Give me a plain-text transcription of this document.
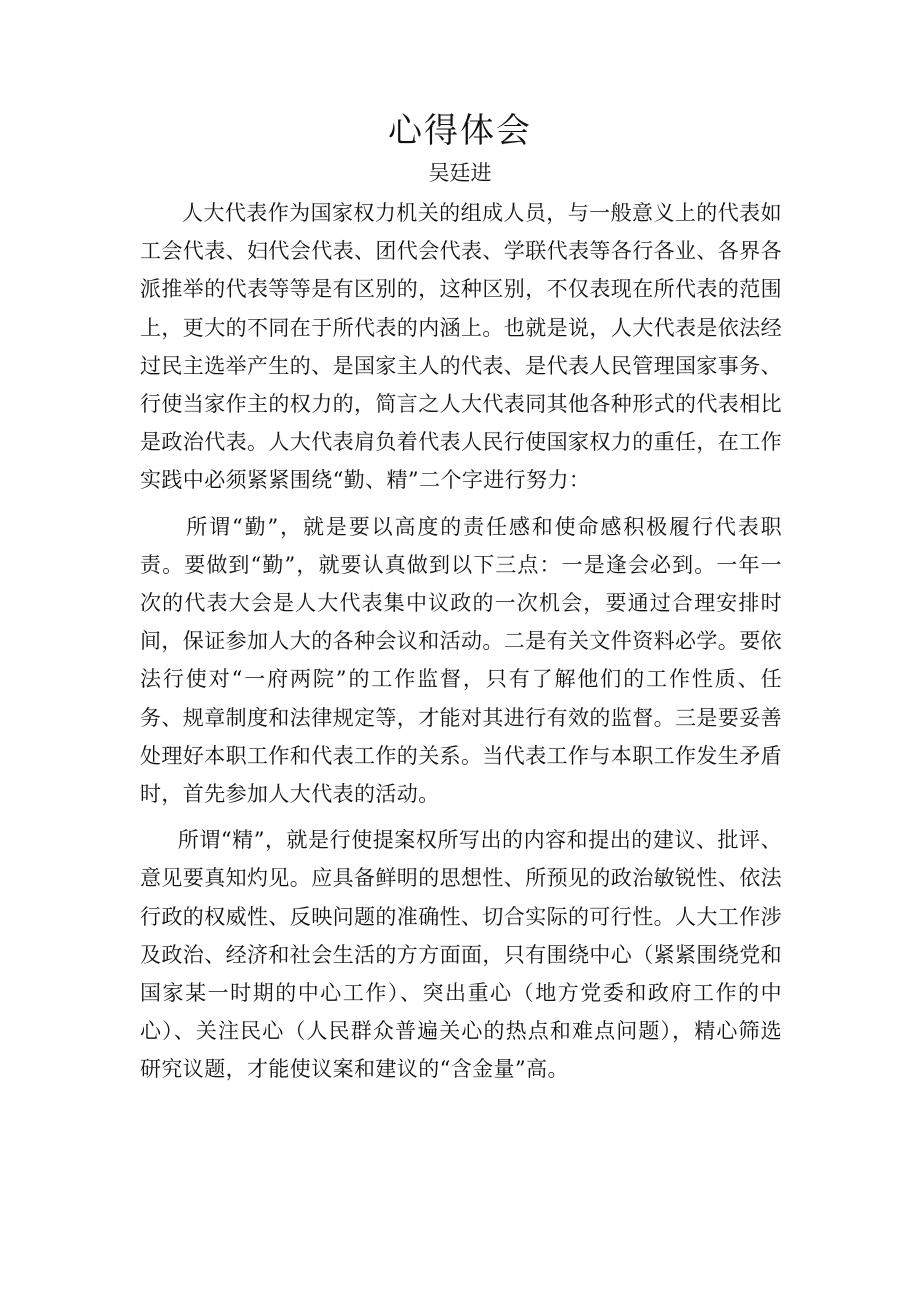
心得体会
吴廷进

人大代表作为国家权力机关的组成人员，与一般意义上的代表如工会代表、妇代会代表、团代会代表、学联代表等各行各业、各界各派推举的代表等等是有区别的，这种区别，不仅表现在所代表的范围上，更大的不同在于所代表的内涵上。也就是说，人大代表是依法经过民主选举产生的、是国家主人的代表、是代表人民管理国家事务、行使当家作主的权力的，简言之人大代表同其他各种形式的代表相比是政治代表。人大代表肩负着代表人民行使国家权力的重任，在工作实践中必须紧紧围绕“勤、精”二个字进行努力：

所谓“勤”，就是要以高度的责任感和使命感积极履行代表职责。要做到“勤”，就要认真做到以下三点：一是逢会必到。一年一次的代表大会是人大代表集中议政的一次机会，要通过合理安排时间，保证参加人大的各种会议和活动。二是有关文件资料必学。要依法行使对“一府两院”的工作监督，只有了解他们的工作性质、任务、规章制度和法律规定等，才能对其进行有效的监督。三是要妥善处理好本职工作和代表工作的关系。当代表工作与本职工作发生矛盾时，首先参加人大代表的活动。

所谓“精”，就是行使提案权所写出的内容和提出的建议、批评、意见要真知灼见。应具备鲜明的思想性、所预见的政治敏锐性、依法行政的权威性、反映问题的准确性、切合实际的可行性。人大工作涉及政治、经济和社会生活的方方面面，只有围绕中心（紧紧围绕党和国家某一时期的中心工作）、突出重心（地方党委和政府工作的中心）、关注民心（人民群众普遍关心的热点和难点问题），精心筛选研究议题，才能使议案和建议的“含金量”高。
